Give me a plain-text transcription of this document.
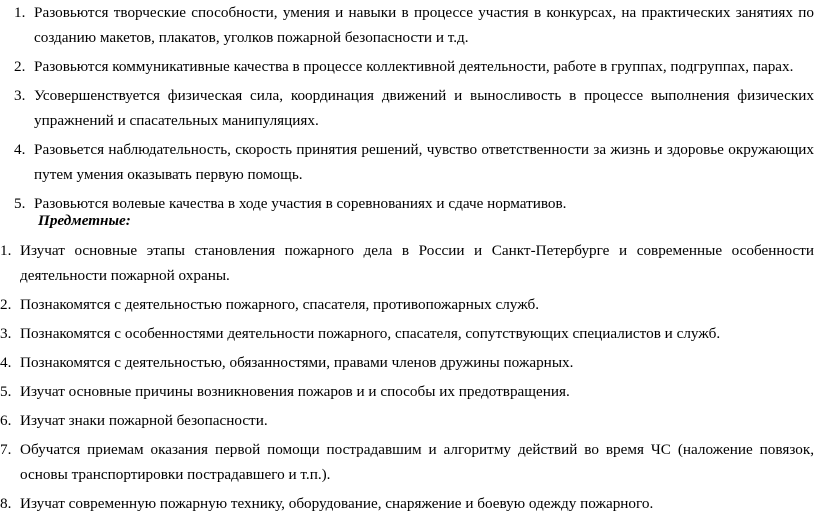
1. Разовьются творческие способности, умения и навыки в процессе участия в конкурсах, на практических занятиях по созданию макетов, плакатов, уголков пожарной безопасности и т.д.
2. Разовьются коммуникативные качества в процессе коллективной деятельности, работе в группах, подгруппах, парах.
3. Усовершенствуется физическая сила, координация движений и выносливость в процессе выполнения физических упражнений и спасательных манипуляциях.
4. Разовьется наблюдательность, скорость принятия решений, чувство ответственности за жизнь и здоровье окружающих путем умения оказывать первую помощь.
5. Разовьются волевые качества в ходе участия в соревнованиях и сдаче нормативов.
Предметные:
1. Изучат основные этапы становления пожарного дела в России и Санкт-Петербурге и современные особенности деятельности пожарной охраны.
2. Познакомятся с деятельностью пожарного, спасателя, противопожарных служб.
3. Познакомятся с особенностями деятельности пожарного, спасателя, сопутствующих специалистов и служб.
4. Познакомятся с деятельностью, обязанностями, правами членов дружины пожарных.
5. Изучат основные причины возникновения пожаров и и способы их предотвращения.
6. Изучат знаки пожарной безопасности.
7. Обучатся приемам оказания первой помощи пострадавшим и алгоритму действий во время ЧС (наложение повязок, основы транспортировки пострадавшего и т.п.).
8. Изучат современную пожарную технику, оборудование, снаряжение и боевую одежду пожарного.
